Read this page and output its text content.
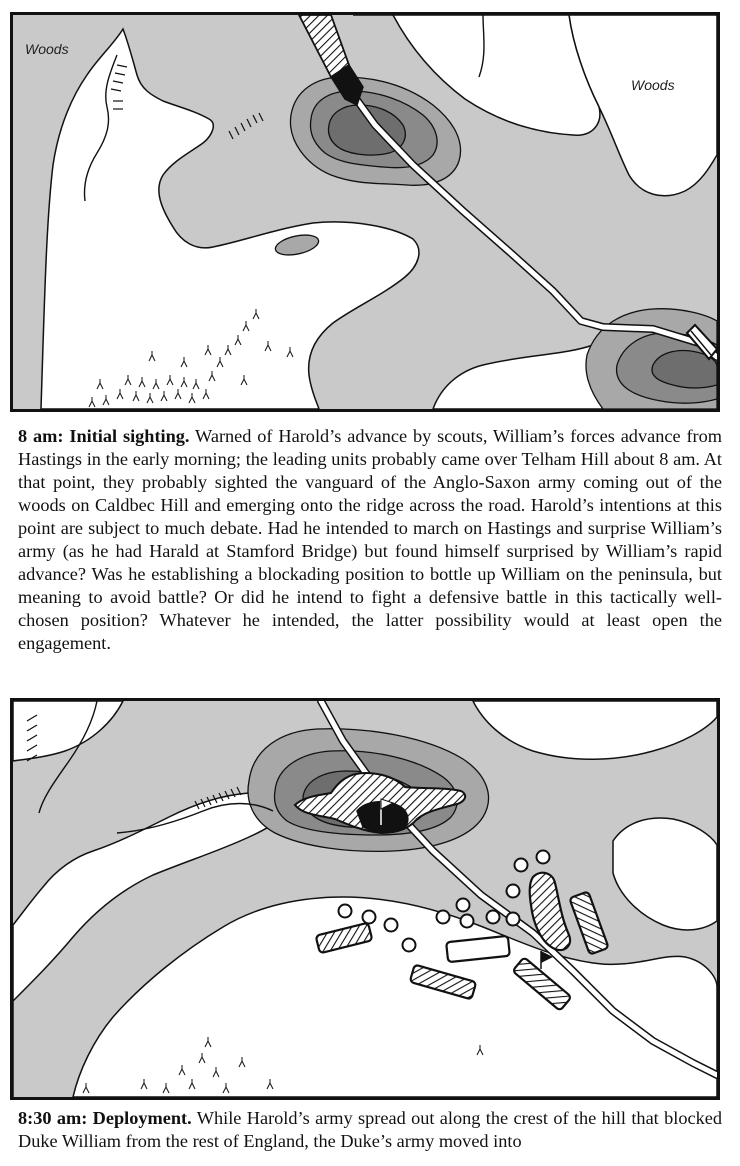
Woods
Woods

8 am: Initial sighting. Warned of Harold’s advance by scouts, William’s forces advance from Hastings in the early morning; the leading units probably came over Telham Hill about 8 am. At that point, they probably sighted the vanguard of the Anglo-Saxon army coming out of the woods on Caldbec Hill and emerging onto the ridge across the road. Harold’s intentions at this point are subject to much debate. Had he intended to march on Hastings and surprise William’s army (as he had Harald at Stamford Bridge) but found himself surprised by William’s rapid advance? Was he establishing a blockading position to bottle up William on the peninsula, but meaning to avoid battle? Or did he intend to fight a defensive battle in this tactically well-chosen position? Whatever he intended, the latter possibility would at least open the engagement.

8:30 am: Deployment. While Harold’s army spread out along the crest of the hill that blocked Duke William from the rest of England, the Duke’s army moved into
